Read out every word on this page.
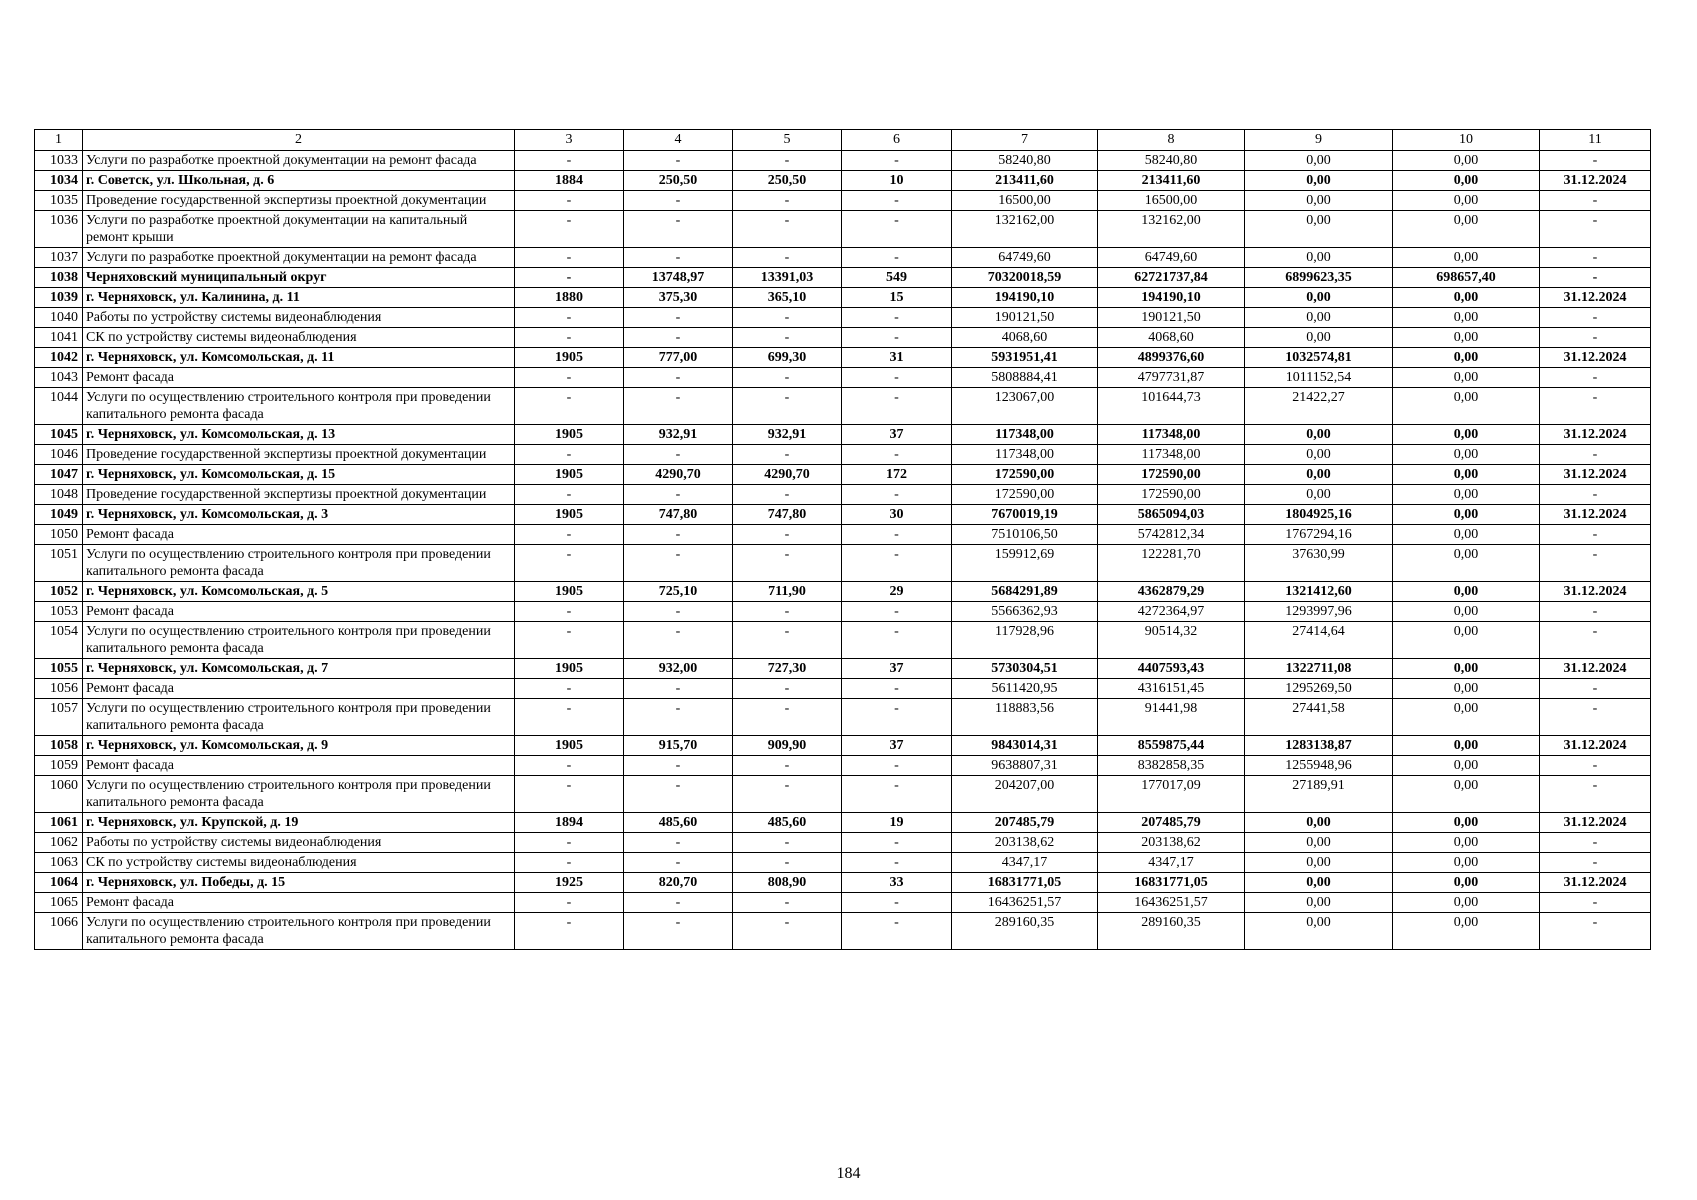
1	2	3	4	5	6	7	8	9	10	11
1033	Услуги по разработке проектной документации на ремонт фасада	-	-	-	-	58240,80	58240,80	0,00	0,00	-
1034	г. Советск, ул. Школьная, д. 6	1884	250,50	250,50	10	213411,60	213411,60	0,00	0,00	31.12.2024
1035	Проведение государственной экспертизы проектной документации	-	-	-	-	16500,00	16500,00	0,00	0,00	-
1036	Услуги по разработке проектной документации на капитальный ремонт крыши	-	-	-	-	132162,00	132162,00	0,00	0,00	-
1037	Услуги по разработке проектной документации на ремонт фасада	-	-	-	-	64749,60	64749,60	0,00	0,00	-
1038	Черняховский муниципальный округ	-	13748,97	13391,03	549	70320018,59	62721737,84	6899623,35	698657,40	-
1039	г. Черняховск, ул. Калинина, д. 11	1880	375,30	365,10	15	194190,10	194190,10	0,00	0,00	31.12.2024
1040	Работы по устройству системы видеонаблюдения	-	-	-	-	190121,50	190121,50	0,00	0,00	-
1041	СК по устройству системы видеонаблюдения	-	-	-	-	4068,60	4068,60	0,00	0,00	-
1042	г. Черняховск, ул. Комсомольская, д. 11	1905	777,00	699,30	31	5931951,41	4899376,60	1032574,81	0,00	31.12.2024
1043	Ремонт фасада	-	-	-	-	5808884,41	4797731,87	1011152,54	0,00	-
1044	Услуги по осуществлению строительного контроля при проведении капитального ремонта фасада	-	-	-	-	123067,00	101644,73	21422,27	0,00	-
1045	г. Черняховск, ул. Комсомольская, д. 13	1905	932,91	932,91	37	117348,00	117348,00	0,00	0,00	31.12.2024
1046	Проведение государственной экспертизы проектной документации	-	-	-	-	117348,00	117348,00	0,00	0,00	-
1047	г. Черняховск, ул. Комсомольская, д. 15	1905	4290,70	4290,70	172	172590,00	172590,00	0,00	0,00	31.12.2024
1048	Проведение государственной экспертизы проектной документации	-	-	-	-	172590,00	172590,00	0,00	0,00	-
1049	г. Черняховск, ул. Комсомольская, д. 3	1905	747,80	747,80	30	7670019,19	5865094,03	1804925,16	0,00	31.12.2024
1050	Ремонт фасада	-	-	-	-	7510106,50	5742812,34	1767294,16	0,00	-
1051	Услуги по осуществлению строительного контроля при проведении капитального ремонта фасада	-	-	-	-	159912,69	122281,70	37630,99	0,00	-
1052	г. Черняховск, ул. Комсомольская, д. 5	1905	725,10	711,90	29	5684291,89	4362879,29	1321412,60	0,00	31.12.2024
1053	Ремонт фасада	-	-	-	-	5566362,93	4272364,97	1293997,96	0,00	-
1054	Услуги по осуществлению строительного контроля при проведении капитального ремонта фасада	-	-	-	-	117928,96	90514,32	27414,64	0,00	-
1055	г. Черняховск, ул. Комсомольская, д. 7	1905	932,00	727,30	37	5730304,51	4407593,43	1322711,08	0,00	31.12.2024
1056	Ремонт фасада	-	-	-	-	5611420,95	4316151,45	1295269,50	0,00	-
1057	Услуги по осуществлению строительного контроля при проведении капитального ремонта фасада	-	-	-	-	118883,56	91441,98	27441,58	0,00	-
1058	г. Черняховск, ул. Комсомольская, д. 9	1905	915,70	909,90	37	9843014,31	8559875,44	1283138,87	0,00	31.12.2024
1059	Ремонт фасада	-	-	-	-	9638807,31	8382858,35	1255948,96	0,00	-
1060	Услуги по осуществлению строительного контроля при проведении капитального ремонта фасада	-	-	-	-	204207,00	177017,09	27189,91	0,00	-
1061	г. Черняховск, ул. Крупской, д. 19	1894	485,60	485,60	19	207485,79	207485,79	0,00	0,00	31.12.2024
1062	Работы по устройству системы видеонаблюдения	-	-	-	-	203138,62	203138,62	0,00	0,00	-
1063	СК по устройству системы видеонаблюдения	-	-	-	-	4347,17	4347,17	0,00	0,00	-
1064	г. Черняховск, ул. Победы, д. 15	1925	820,70	808,90	33	16831771,05	16831771,05	0,00	0,00	31.12.2024
1065	Ремонт фасада	-	-	-	-	16436251,57	16436251,57	0,00	0,00	-
1066	Услуги по осуществлению строительного контроля при проведении капитального ремонта фасада	-	-	-	-	289160,35	289160,35	0,00	0,00	-
184
